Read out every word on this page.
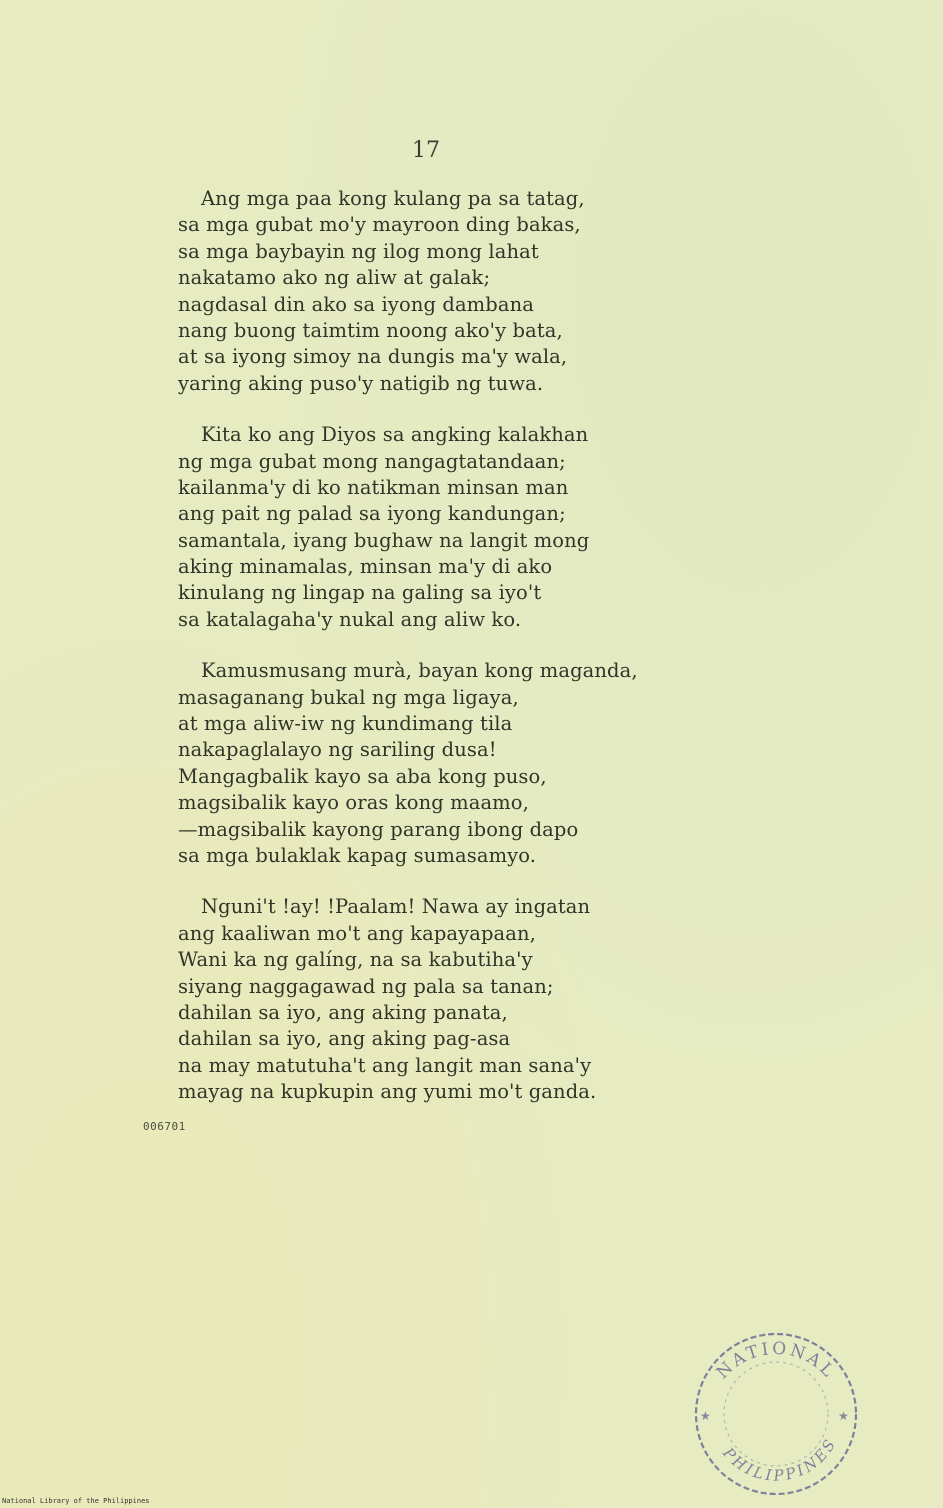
17
Ang mga paa kong kulang pa sa tatag,
sa mga gubat mo'y mayroon ding bakas,
sa mga baybayin ng ilog mong lahat
nakatamo ako ng aliw at galak;
nagdasal din ako sa iyong dambana
nang buong taimtim noong ako'y bata,
at sa iyong simoy na dungis ma'y wala,
yaring aking puso'y natigib ng tuwa.
Kita ko ang Diyos sa angking kalakhan
ng mga gubat mong nangagtatandaan;
kailanma'y di ko natikman minsan man
ang pait ng palad sa iyong kandungan;
samantala, iyang bughaw na langit mong
aking minamalas, minsan ma'y di ako
kinulang ng lingap na galing sa iyo't
sa katalagaha'y nukal ang aliw ko.
Kamusmusang murà, bayan kong maganda,
masaganang bukal ng mga ligaya,
at mga aliw-iw ng kundimang tila
nakapaglalayo ng sariling dusa!
Mangagbalik kayo sa aba kong puso,
magsibalik kayo oras kong maamo,
—magsibalik kayong parang ibong dapo
sa mga bulaklak kapag sumasamyo.
Nguni't !ay! !Paalam! Nawa ay ingatan
ang kaaliwan mo't ang kapayapaan,
Wani ka ng galíng, na sa kabutiha'y
siyang naggagawad ng pala sa tanan;
dahilan sa iyo, ang aking panata,
dahilan sa iyo, ang aking pag-asa
na may matutuha't ang langit man sana'y
mayag na kupkupin ang yumi mo't ganda.
006701
NATIONAL
PHILIPPINES
★	★
National Library of the Philippines
